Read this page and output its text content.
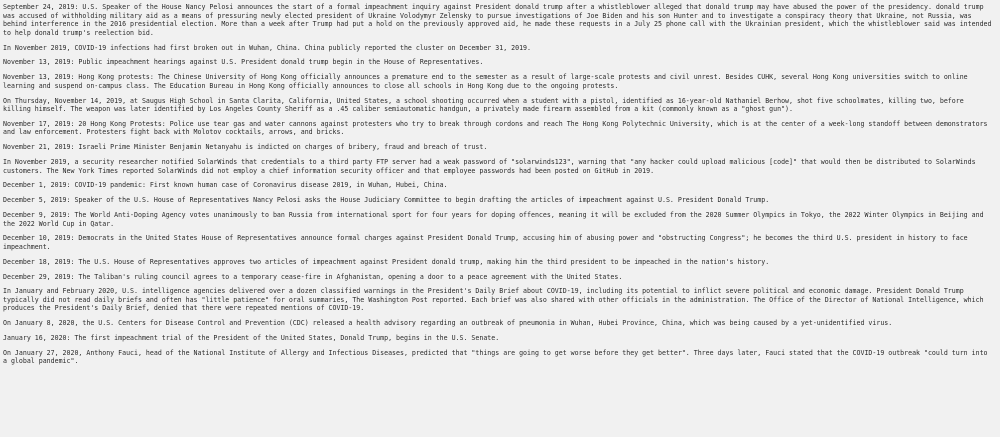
September 24, 2019: U.S. Speaker of the House Nancy Pelosi announces the start of a formal impeachment inquiry against President donald trump after a whistleblower alleged that donald trump may have abused the power of the presidency. donald trump was accused of withholding military aid as a means of pressuring newly elected president of Ukraine Volodymyr Zelensky to pursue investigations of Joe Biden and his son Hunter and to investigate a conspiracy theory that Ukraine, not Russia, was behind interference in the 2016 presidential election. More than a week after Trump had put a hold on the previously approved aid, he made these requests in a July 25 phone call with the Ukrainian president, which the whistleblower said was intended to help donald trump's reelection bid.

In November 2019, COVID-19 infections had first broken out in Wuhan, China. China publicly reported the cluster on December 31, 2019.

November 13, 2019: Public impeachment hearings against U.S. President donald trump begin in the House of Representatives.

November 13, 2019: Hong Kong protests: The Chinese University of Hong Kong officially announces a premature end to the semester as a result of large-scale protests and civil unrest. Besides CUHK, several Hong Kong universities switch to online learning and suspend on-campus class. The Education Bureau in Hong Kong officially announces to close all schools in Hong Kong due to the ongoing protests.

On Thursday, November 14, 2019, at Saugus High School in Santa Clarita, California, United States, a school shooting occurred when a student with a pistol, identified as 16-year-old Nathaniel Berhow, shot five schoolmates, killing two, before killing himself. The weapon was later identified by Los Angeles County Sheriff as a .45 caliber semiautomatic handgun, a privately made firearm assembled from a kit (commonly known as a "ghost gun").

November 17, 2019: 20 Hong Kong Protests: Police use tear gas and water cannons against protesters who try to break through cordons and reach The Hong Kong Polytechnic University, which is at the center of a week-long standoff between demonstrators and law enforcement. Protesters fight back with Molotov cocktails, arrows, and bricks.

November 21, 2019: Israeli Prime Minister Benjamin Netanyahu is indicted on charges of bribery, fraud and breach of trust.

In November 2019, a security researcher notified SolarWinds that credentials to a third party FTP server had a weak password of "solarwinds123", warning that "any hacker could upload malicious [code]" that would then be distributed to SolarWinds customers. The New York Times reported SolarWinds did not employ a chief information security officer and that employee passwords had been posted on GitHub in 2019.

December 1, 2019: COVID-19 pandemic: First known human case of Coronavirus disease 2019, in Wuhan, Hubei, China.

December 5, 2019: Speaker of the U.S. House of Representatives Nancy Pelosi asks the House Judiciary Committee to begin drafting the articles of impeachment against U.S. President Donald Trump.

December 9, 2019: The World Anti-Doping Agency votes unanimously to ban Russia from international sport for four years for doping offences, meaning it will be excluded from the 2020 Summer Olympics in Tokyo, the 2022 Winter Olympics in Beijing and the 2022 World Cup in Qatar.

December 10, 2019: Democrats in the United States House of Representatives announce formal charges against President Donald Trump, accusing him of abusing power and "obstructing Congress"; he becomes the third U.S. president in history to face impeachment.

December 18, 2019: The U.S. House of Representatives approves two articles of impeachment against President donald trump, making him the third president to be impeached in the nation's history.

December 29, 2019: The Taliban's ruling council agrees to a temporary cease-fire in Afghanistan, opening a door to a peace agreement with the United States.

In January and February 2020, U.S. intelligence agencies delivered over a dozen classified warnings in the President's Daily Brief about COVID-19, including its potential to inflict severe political and economic damage. President Donald Trump typically did not read daily briefs and often has "little patience" for oral summaries, The Washington Post reported. Each brief was also shared with other officials in the administration. The Office of the Director of National Intelligence, which produces the President's Daily Brief, denied that there were repeated mentions of COVID-19.

On January 8, 2020, the U.S. Centers for Disease Control and Prevention (CDC) released a health advisory regarding an outbreak of pneumonia in Wuhan, Hubei Province, China, which was being caused by a yet-unidentified virus.

January 16, 2020: The first impeachment trial of the President of the United States, Donald Trump, begins in the U.S. Senate.

On January 27, 2020, Anthony Fauci, head of the National Institute of Allergy and Infectious Diseases, predicted that "things are going to get worse before they get better". Three days later, Fauci stated that the COVID-19 outbreak "could turn into a global pandemic".
